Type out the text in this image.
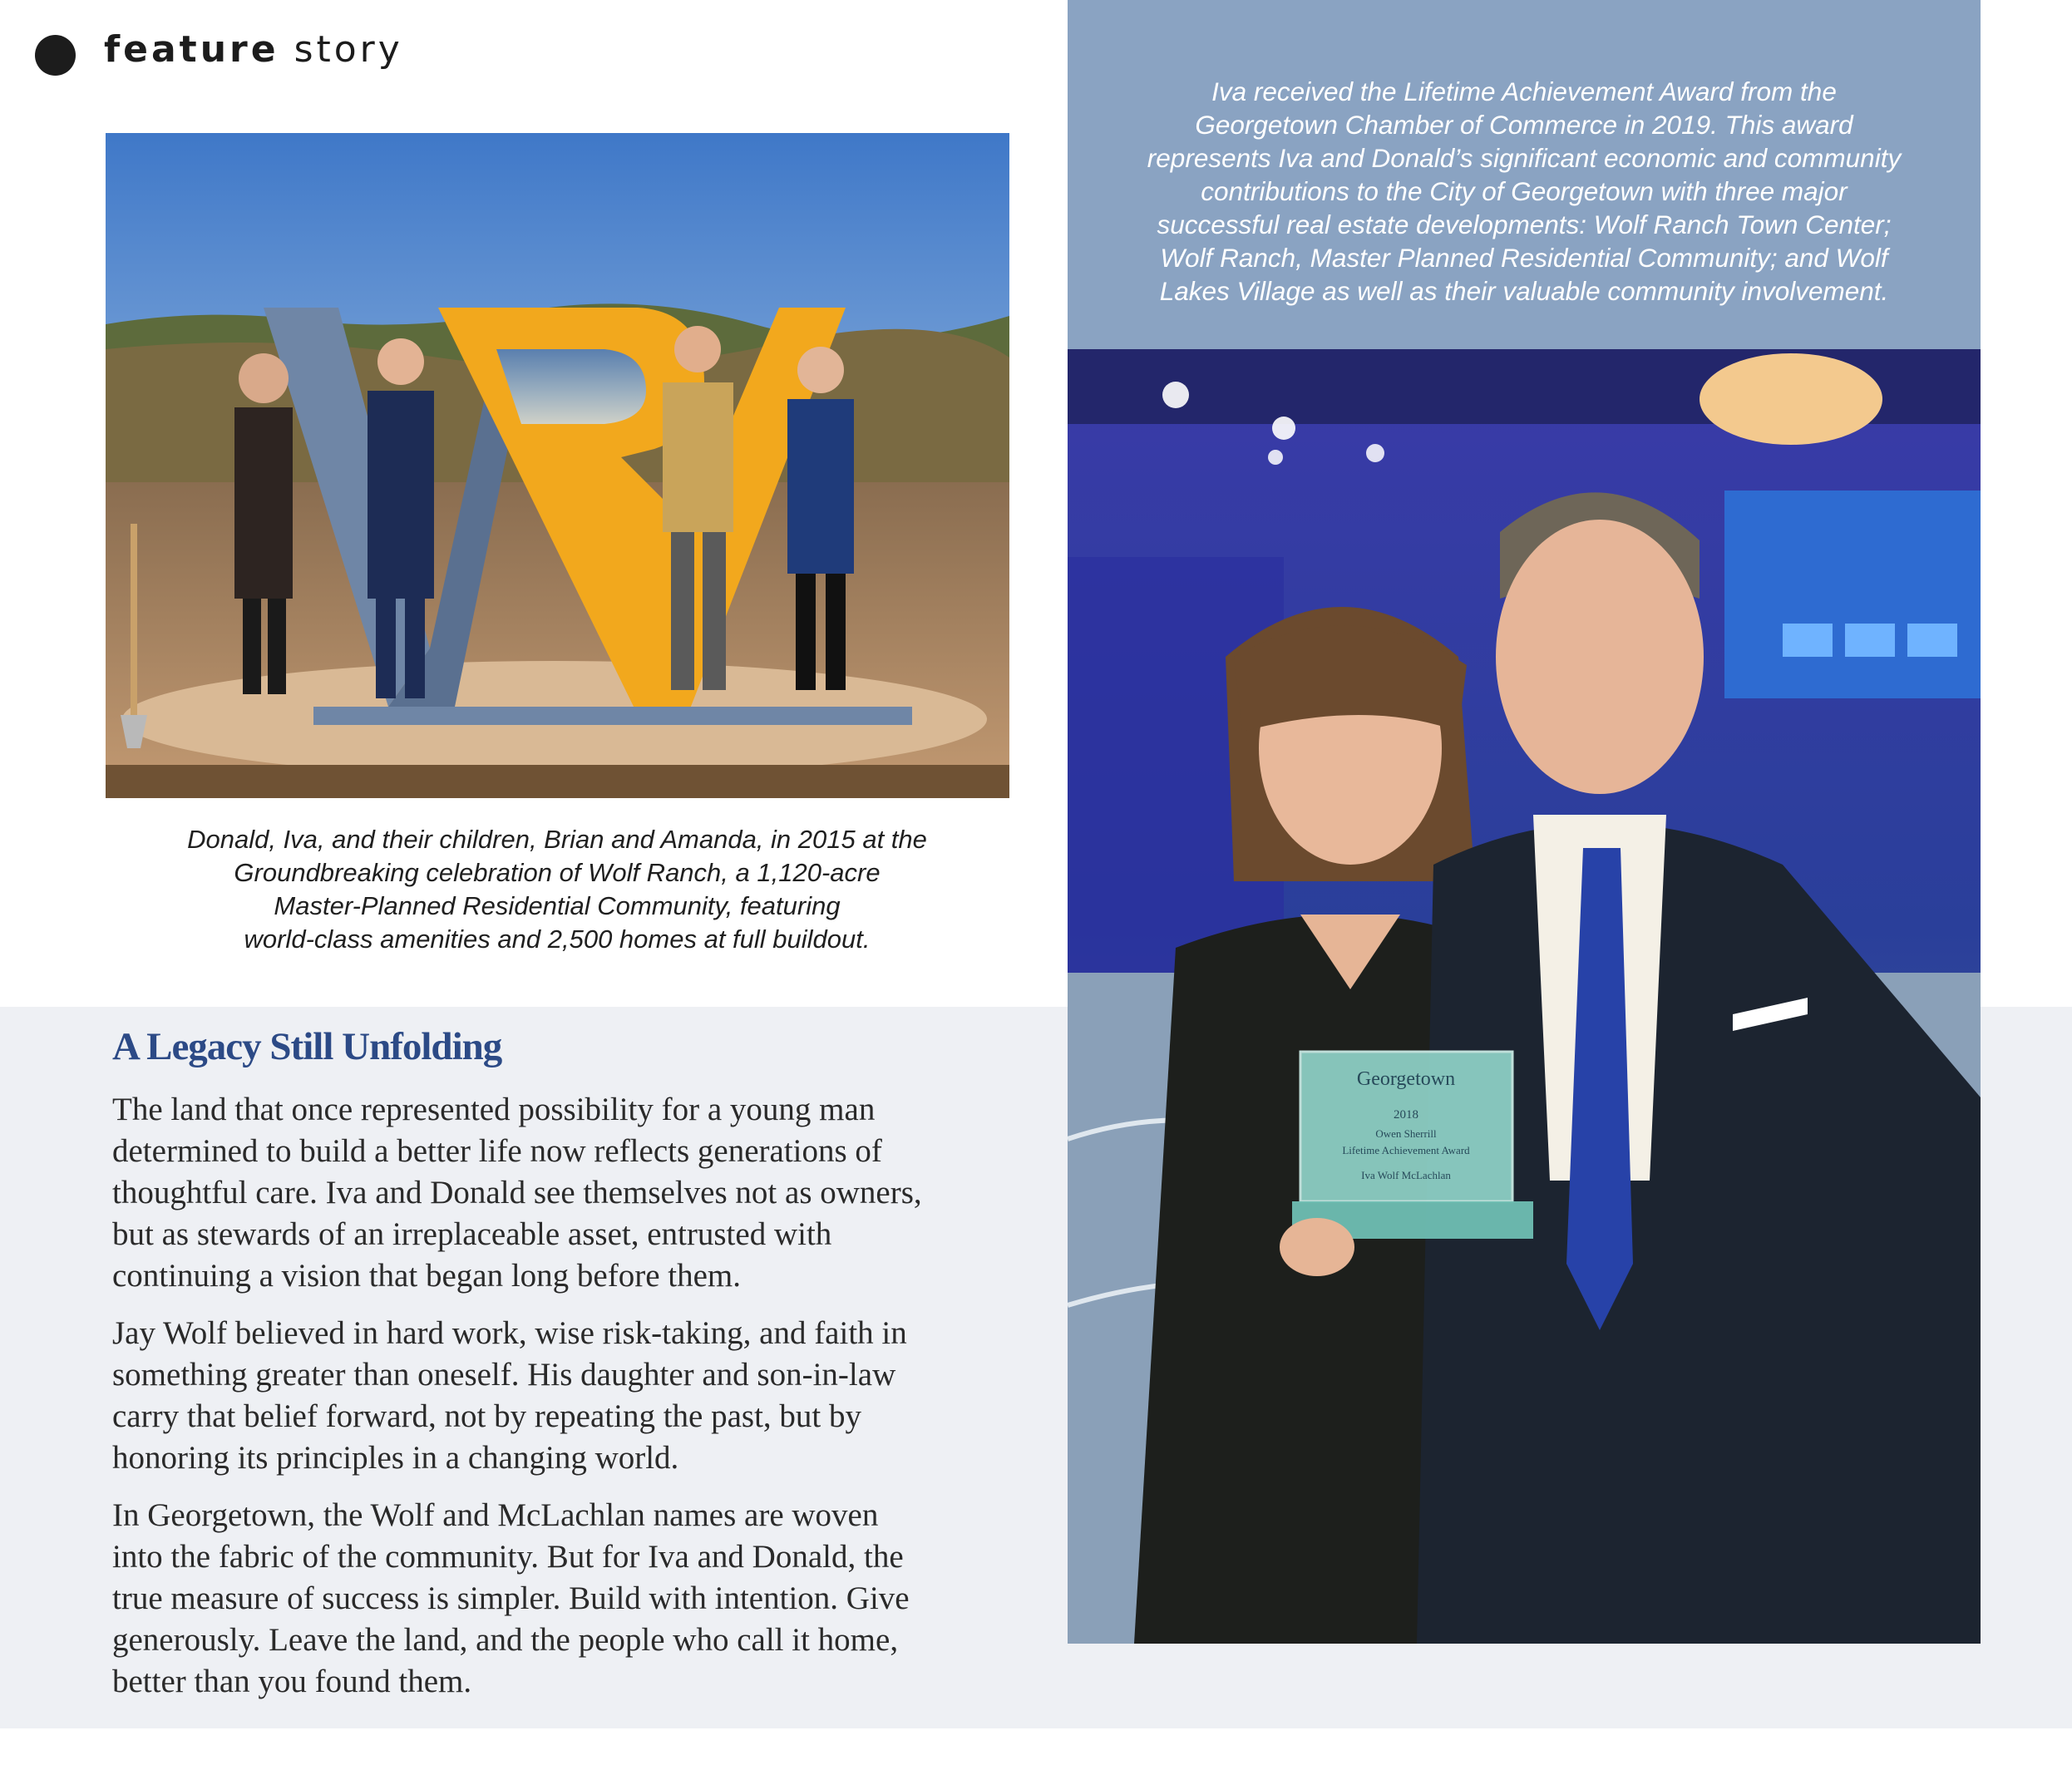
feature story
Donald, Iva, and their children, Brian and Amanda, in 2015 at the
Groundbreaking celebration of Wolf Ranch, a 1,120-acre
Master-Planned Residential Community, featuring
world-class amenities and 2,500 homes at full buildout.
Iva received the Lifetime Achievement Award from the
Georgetown Chamber of Commerce in 2019. This award
represents Iva and Donald’s significant economic and community
contributions to the City of Georgetown with three major
successful real estate developments: Wolf Ranch Town Center;
Wolf Ranch, Master Planned Residential Community; and Wolf
Lakes Village as well as their valuable community involvement.
Georgetown
2018
Owen Sherrill
Lifetime Achievement Award
Iva Wolf McLachlan
A Legacy Still Unfolding

The land that once represented possibility for a young man
determined to build a better life now reflects generations of
thoughtful care. Iva and Donald see themselves not as owners,
but as stewards of an irreplaceable asset, entrusted with
continuing a vision that began long before them.

Jay Wolf believed in hard work, wise risk-taking, and faith in
something greater than oneself. His daughter and son-in-law
carry that belief forward, not by repeating the past, but by
honoring its principles in a changing world.

In Georgetown, the Wolf and McLachlan names are woven
into the fabric of the community. But for Iva and Donald, the
true measure of success is simpler. Build with intention. Give
generously. Leave the land, and the people who call it home,
better than you found them.
